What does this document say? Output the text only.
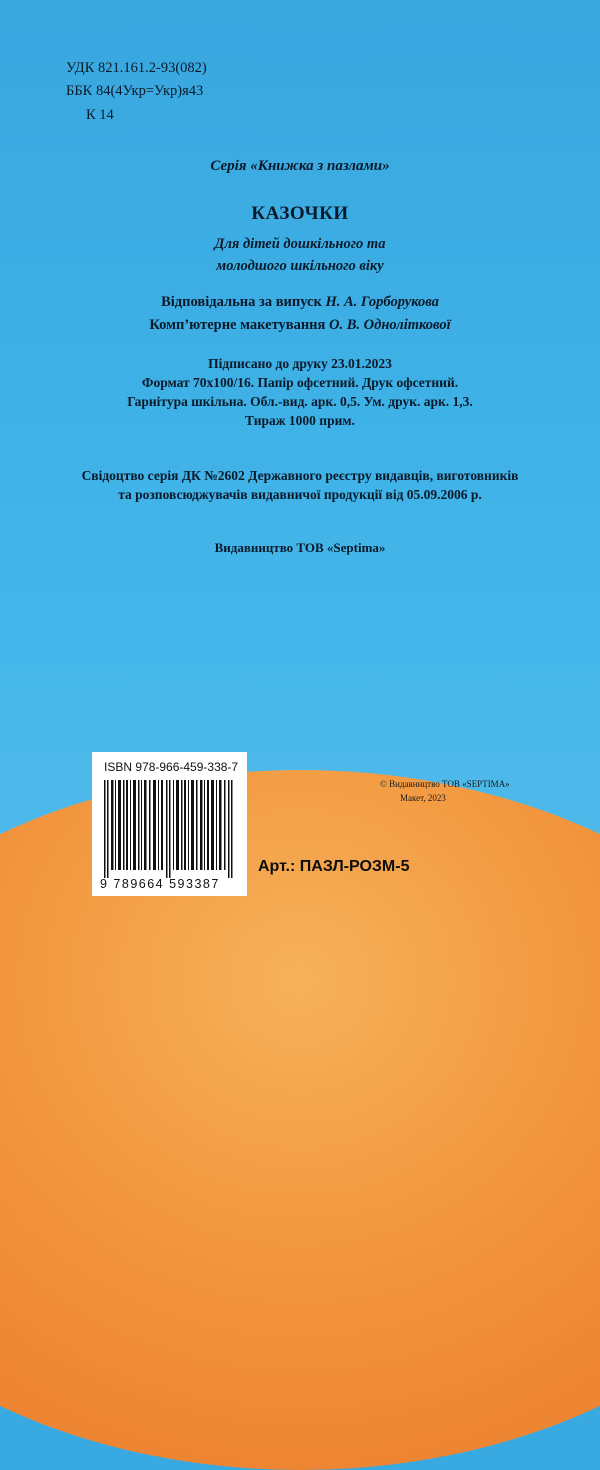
УДК 821.161.2-93(082)
ББК 84(4Укр=Укр)я43
К 14
Серія «Книжка з пазлами»
КАЗОЧКИ
Для дітей дошкільного та
молодшого шкільного віку
Відповідальна за випуск Н. А. Горборукова
Комп’ютерне макетування О. В. Однолiткової
Підписано до друку 23.01.2023
Формат 70х100/16. Папір офсетний. Друк офсетний.
Гарнітура шкільна. Обл.-вид. арк. 0,5. Ум. друк. арк. 1,3.
Тираж 1000 прим.
Свідоцтво серія ДК №2602 Державного реєстру видавців, виготовників
та розповсюджувачів видавничої продукції від 05.09.2006 р.
Видавництво ТОВ «Septima»
ISBN 978-966-459-338-7
9 789664 593387
© Видавництво ТОВ «SEPTIMA»
Макет, 2023
Арт.: ПАЗЛ-РОЗМ-5
